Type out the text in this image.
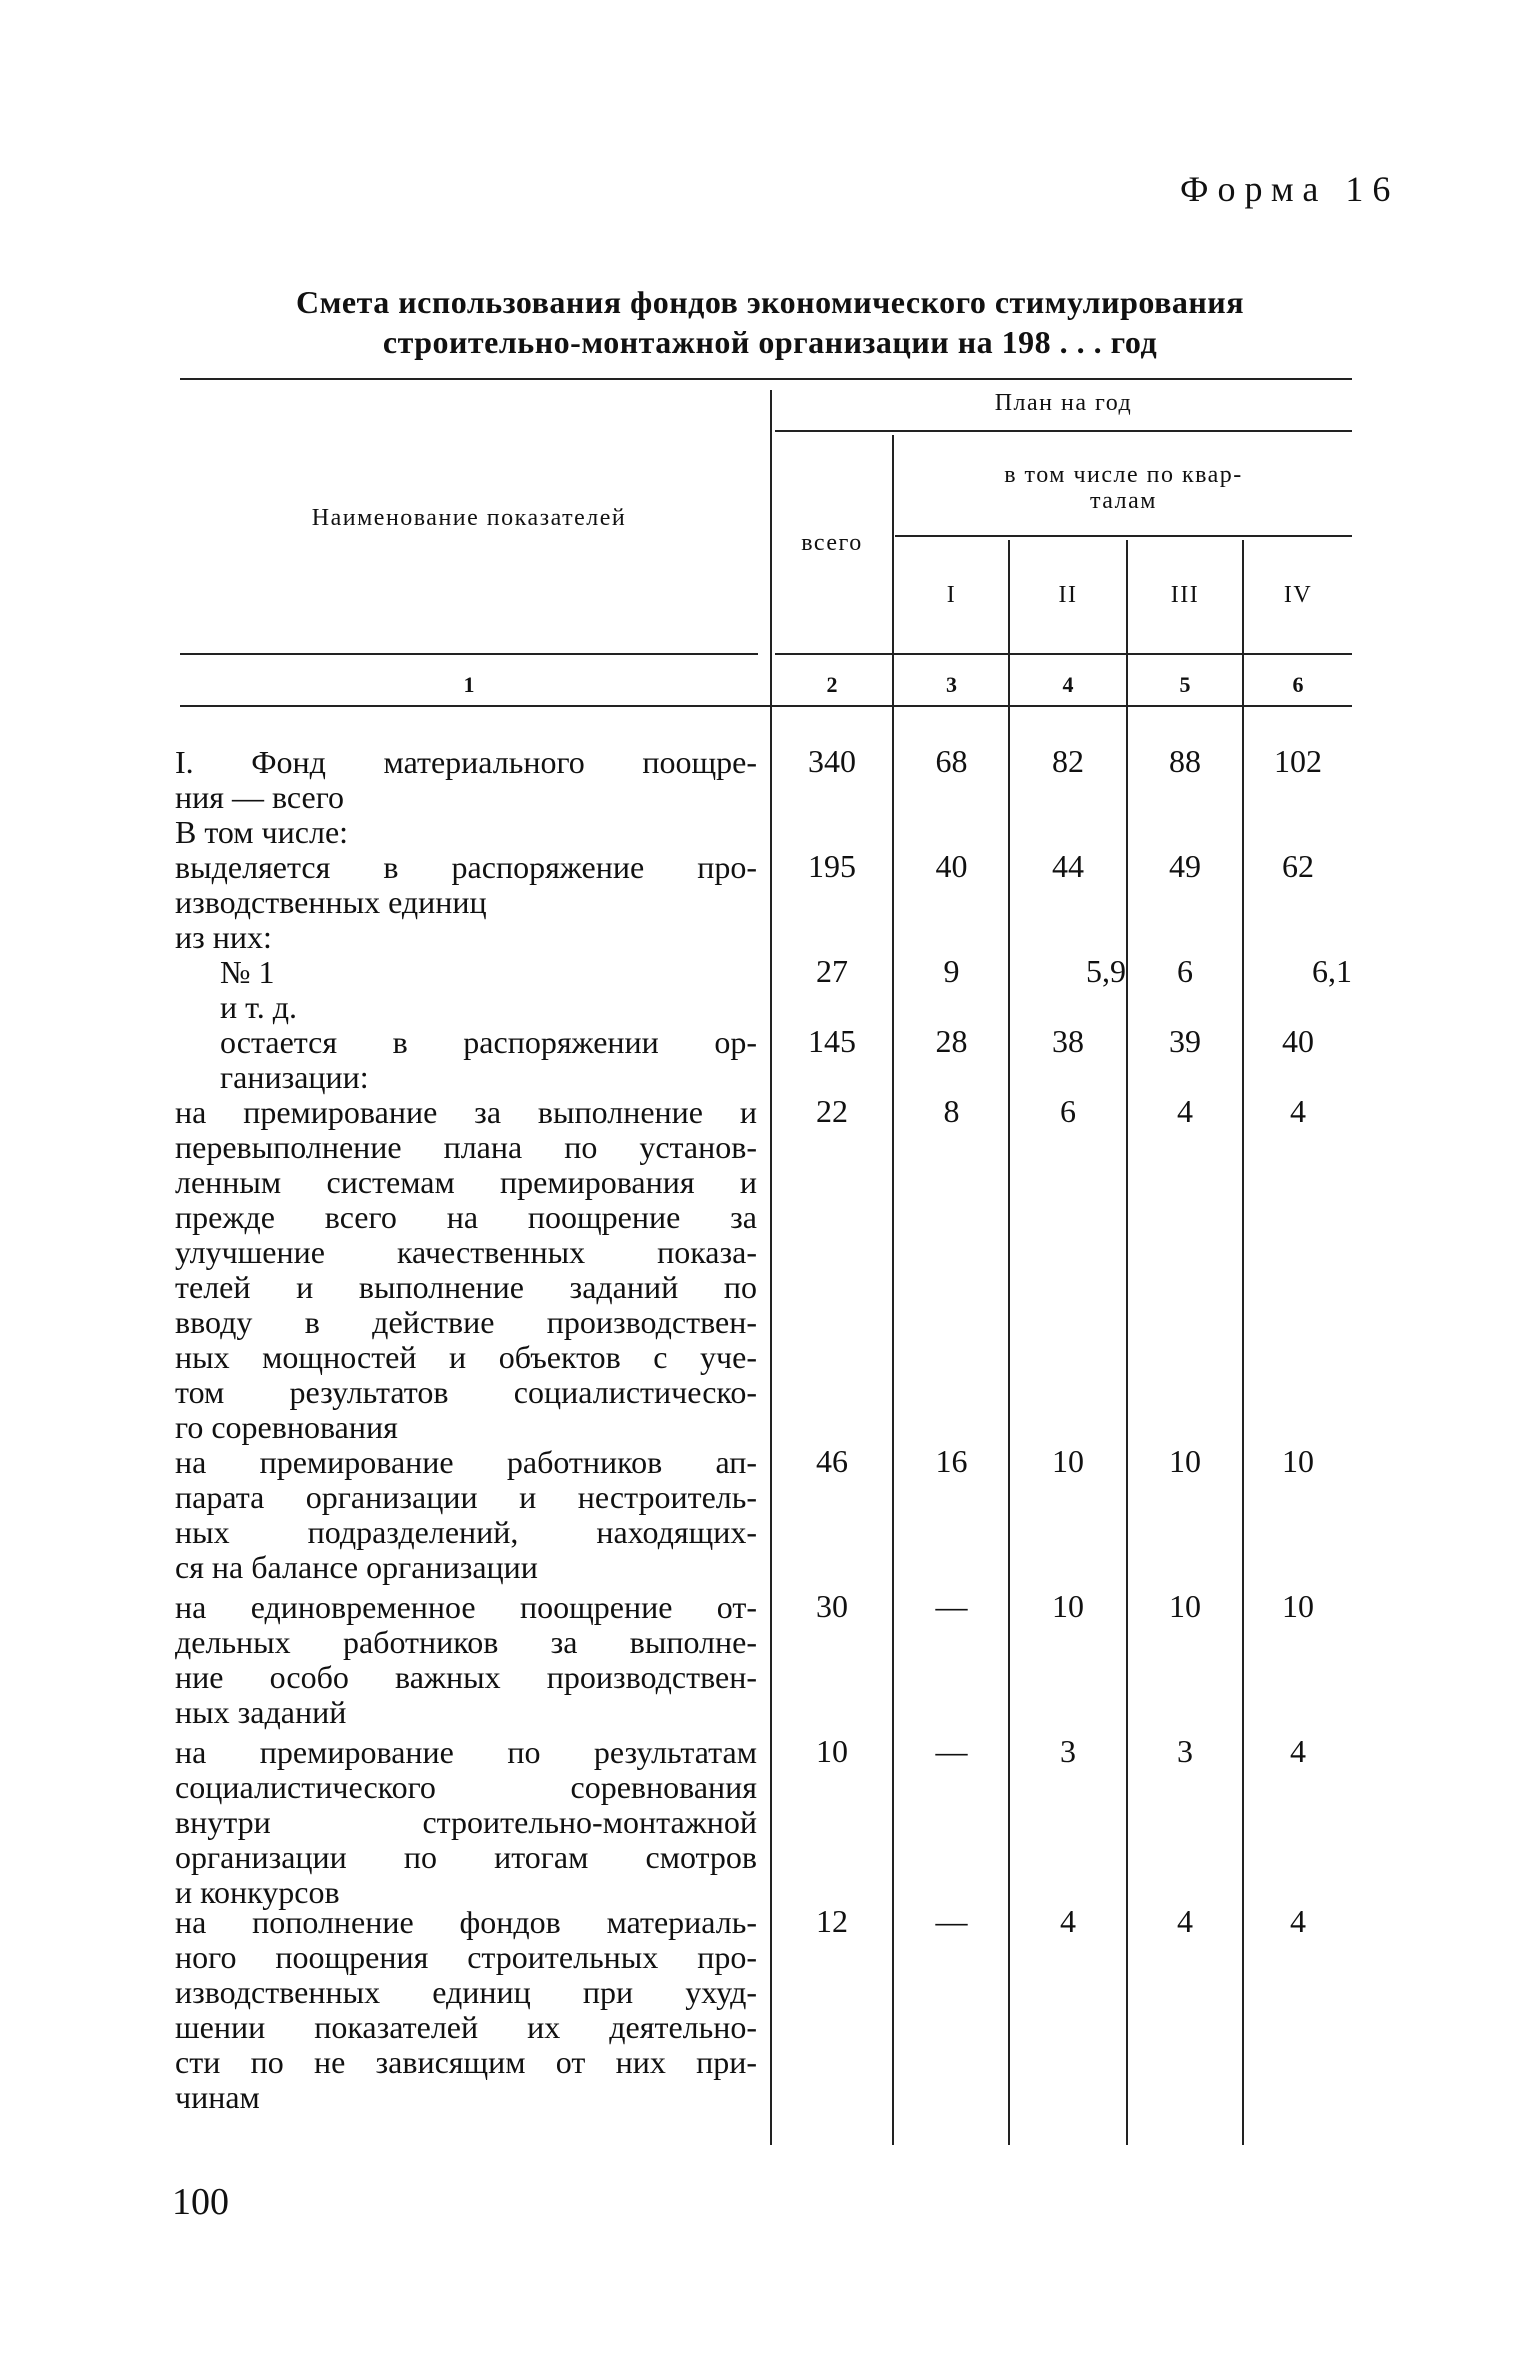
Форма 16
Смета использования фондов экономического стимулирования
строительно-монтажной организации на 198 . . . год
Наименование показателей
План на год
всего
в том числе по квар-
талам
I	II	III	IV
1	2	3	4	5	6
I. Фонд материального поощре-
ния — всего
340	68	82	88	102
В том числе:
выделяется в распоряжение про-
изводственных единиц
195	40	44	49	62
из них:
№ 1	27	9	5,9	6	6,1
и т. д.
остается в распоряжении ор-
ганизации:
145	28	38	39	40
на премирование за выполнение и
перевыполнение плана по установ-
ленным системам премирования и
прежде всего на поощрение за
улучшение качественных показа-
телей и выполнение заданий по
вводу в действие производствен-
ных мощностей и объектов с уче-
том результатов социалистическо-
го соревнования
22	8	6	4	4
на премирование работников ап-
парата организации и нестроитель-
ных подразделений, находящих-
ся на балансе организации
46	16	10	10	10
на единовременное поощрение от-
дельных работников за выполне-
ние особо важных производствен-
ных заданий
30	—	10	10	10
на премирование по результатам
социалистического соревнования
внутри строительно-монтажной
организации по итогам смотров
и конкурсов
10	—	3	3	4
на пополнение фондов материаль-
ного поощрения строительных про-
изводственных единиц при ухуд-
шении показателей их деятельно-
сти по не зависящим от них при-
чинам
12	—	4	4	4
100
